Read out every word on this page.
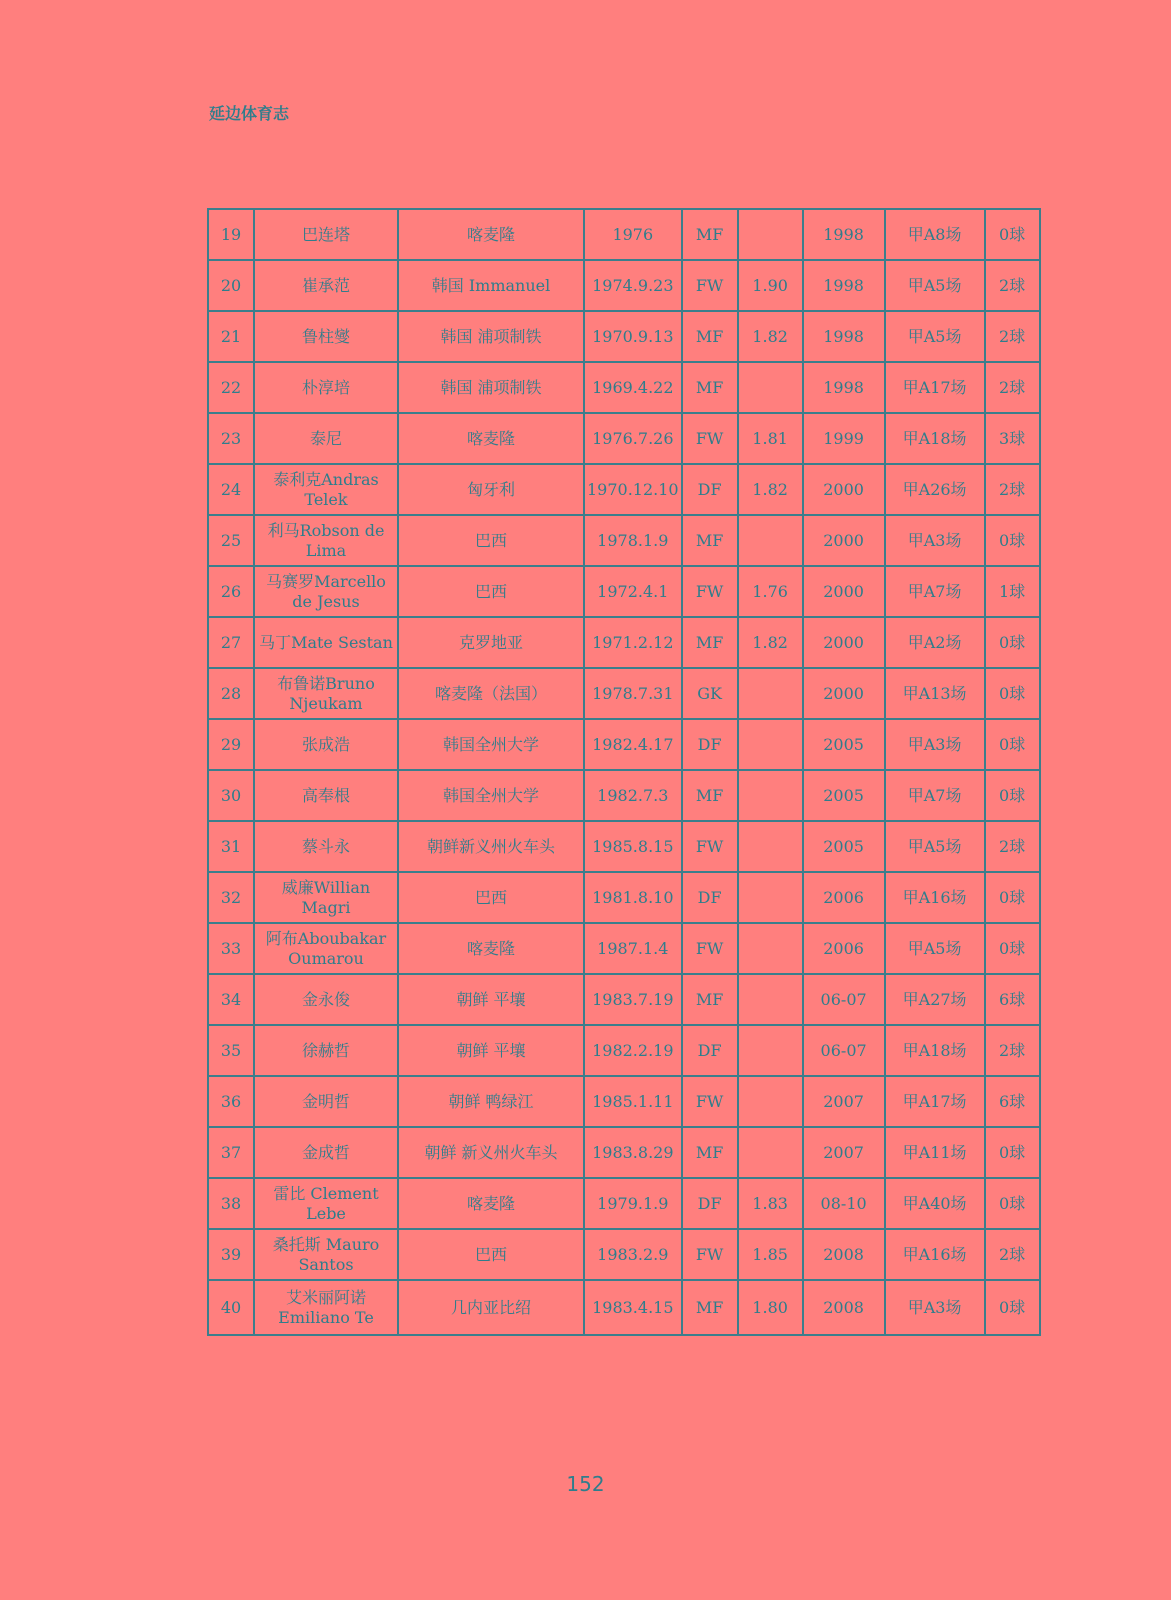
延边体育志
19	巴连塔	喀麦隆	1976	MF		1998	甲A8场	0球
20	崔承范	韩国 Immanuel	1974.9.23	FW	1.90	1998	甲A5场	2球
21	鲁柱燮	韩国 浦项制铁	1970.9.13	MF	1.82	1998	甲A5场	2球
22	朴淳培	韩国 浦项制铁	1969.4.22	MF		1998	甲A17场	2球
23	泰尼	喀麦隆	1976.7.26	FW	1.81	1999	甲A18场	3球
24	泰利克Andras Telek	匈牙利	1970.12.10	DF	1.82	2000	甲A26场	2球
25	利马Robson de Lima	巴西	1978.1.9	MF		2000	甲A3场	0球
26	马赛罗Marcello de Jesus	巴西	1972.4.1	FW	1.76	2000	甲A7场	1球
27	马丁Mate Sestan	克罗地亚	1971.2.12	MF	1.82	2000	甲A2场	0球
28	布鲁诺Bruno Njeukam	喀麦隆（法国）	1978.7.31	GK		2000	甲A13场	0球
29	张成浩	韩国全州大学	1982.4.17	DF		2005	甲A3场	0球
30	高奉根	韩国全州大学	1982.7.3	MF		2005	甲A7场	0球
31	蔡斗永	朝鲜新义州火车头	1985.8.15	FW		2005	甲A5场	2球
32	威廉Willian Magri	巴西	1981.8.10	DF		2006	甲A16场	0球
33	阿布Aboubakar Oumarou	喀麦隆	1987.1.4	FW		2006	甲A5场	0球
34	金永俊	朝鲜 平壤	1983.7.19	MF		06-07	甲A27场	6球
35	徐赫哲	朝鲜 平壤	1982.2.19	DF		06-07	甲A18场	2球
36	金明哲	朝鲜 鸭绿江	1985.1.11	FW		2007	甲A17场	6球
37	金成哲	朝鲜 新义州火车头	1983.8.29	MF		2007	甲A11场	0球
38	雷比 Clement Lebe	喀麦隆	1979.1.9	DF	1.83	08-10	甲A40场	0球
39	桑托斯 Mauro Santos	巴西	1983.2.9	FW	1.85	2008	甲A16场	2球
40	艾米丽阿诺 Emiliano Te	几内亚比绍	1983.4.15	MF	1.80	2008	甲A3场	0球
152
